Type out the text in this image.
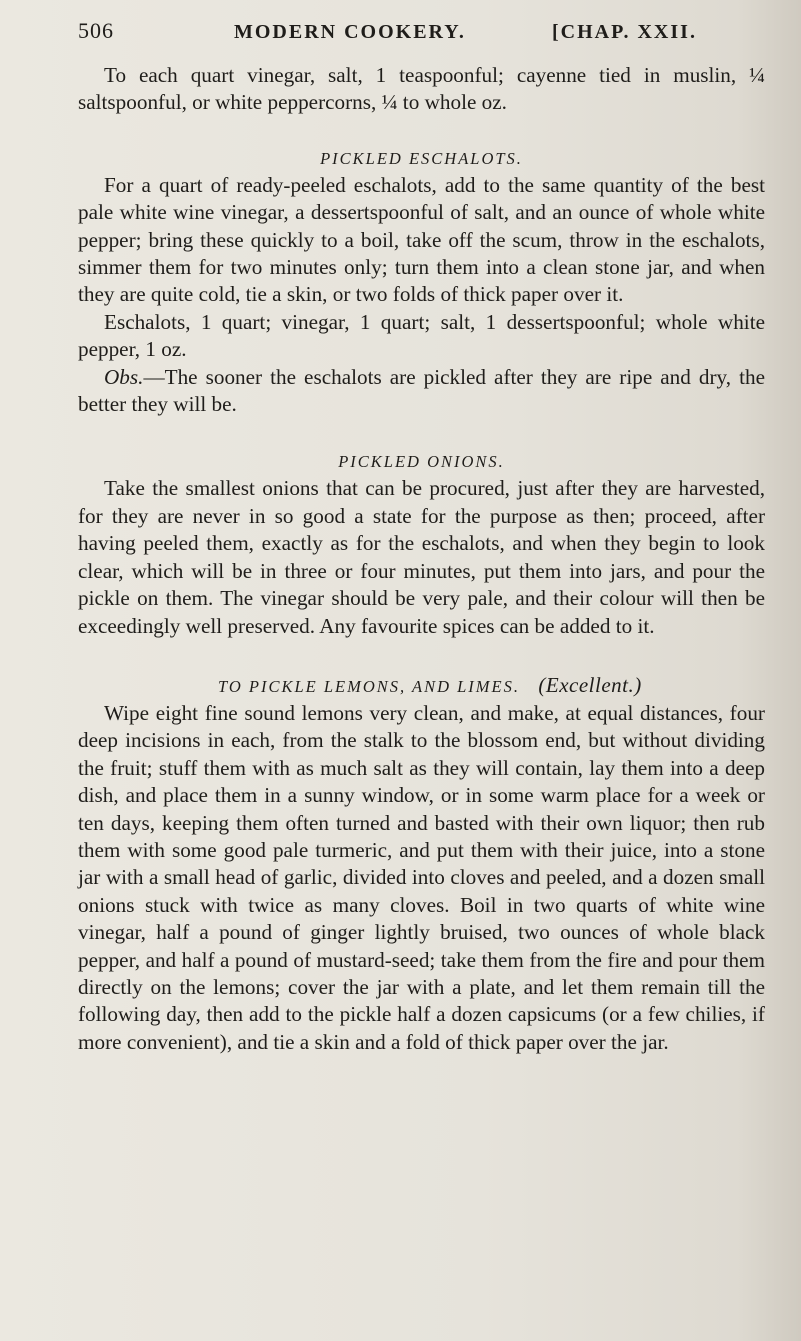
506	MODERN COOKERY.	[CHAP. XXII.

To each quart vinegar, salt, 1 teaspoonful; cayenne tied in muslin, ¼ saltspoonful, or white peppercorns, ¼ to whole oz.

PICKLED ESCHALOTS.

For a quart of ready-peeled eschalots, add to the same quantity of the best pale white wine vinegar, a dessertspoonful of salt, and an ounce of whole white pepper; bring these quickly to a boil, take off the scum, throw in the eschalots, simmer them for two minutes only; turn them into a clean stone jar, and when they are quite cold, tie a skin, or two folds of thick paper over it.

Eschalots, 1 quart; vinegar, 1 quart; salt, 1 dessertspoonful; whole white pepper, 1 oz.

Obs.—The sooner the eschalots are pickled after they are ripe and dry, the better they will be.

PICKLED ONIONS.

Take the smallest onions that can be procured, just after they are harvested, for they are never in so good a state for the purpose as then; proceed, after having peeled them, exactly as for the eschalots, and when they begin to look clear, which will be in three or four minutes, put them into jars, and pour the pickle on them. The vinegar should be very pale, and their colour will then be exceedingly well preserved. Any favourite spices can be added to it.

TO PICKLE LEMONS, AND LIMES. (Excellent.)

Wipe eight fine sound lemons very clean, and make, at equal distances, four deep incisions in each, from the stalk to the blossom end, but without dividing the fruit; stuff them with as much salt as they will contain, lay them into a deep dish, and place them in a sunny window, or in some warm place for a week or ten days, keeping them often turned and basted with their own liquor; then rub them with some good pale turmeric, and put them with their juice, into a stone jar with a small head of garlic, divided into cloves and peeled, and a dozen small onions stuck with twice as many cloves. Boil in two quarts of white wine vinegar, half a pound of ginger lightly bruised, two ounces of whole black pepper, and half a pound of mustard-seed; take them from the fire and pour them directly on the lemons; cover the jar with a plate, and let them remain till the following day, then add to the pickle half a dozen capsicums (or a few chilies, if more convenient), and tie a skin and a fold of thick paper over the jar.
